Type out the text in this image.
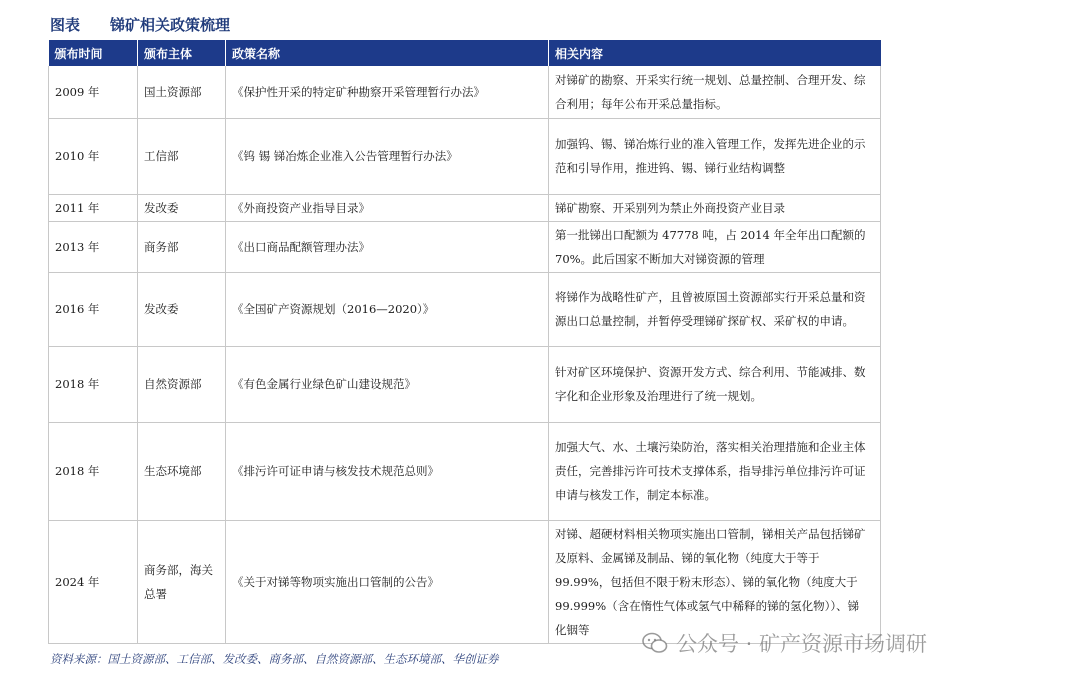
图表 锑矿相关政策梳理
颁布时间	颁布主体	政策名称	相关内容
2009 年	国土资源部	《保护性开采的特定矿种勘察开采管理暂行办法》	对锑矿的勘察、开采实行统一规划、总量控制、合理开发、综合利用；每年公布开采总量指标。
2010 年	工信部	《钨 锡 锑冶炼企业准入公告管理暂行办法》	加强钨、锡、锑冶炼行业的准入管理工作，发挥先进企业的示范和引导作用，推进钨、锡、锑行业结构调整
2011 年	发改委	《外商投资产业指导目录》	锑矿勘察、开采别列为禁止外商投资产业目录
2013 年	商务部	《出口商品配额管理办法》	第一批锑出口配额为 47778 吨，占 2014 年全年出口配额的 70%。此后国家不断加大对锑资源的管理
2016 年	发改委	《全国矿产资源规划（2016—2020）》	将锑作为战略性矿产，且曾被原国土资源部实行开采总量和资源出口总量控制，并暂停受理锑矿探矿权、采矿权的申请。
2018 年	自然资源部	《有色金属行业绿色矿山建设规范》	针对矿区环境保护、资源开发方式、综合利用、节能减排、数字化和企业形象及治理进行了统一规划。
2018 年	生态环境部	《排污许可证申请与核发技术规范总则》	加强大气、水、土壤污染防治，落实相关治理措施和企业主体责任，完善排污许可技术支撑体系，指导排污单位排污许可证申请与核发工作，制定本标准。
2024 年	商务部，海关总署	《关于对锑等物项实施出口管制的公告》	对锑、超硬材料相关物项实施出口管制，锑相关产品包括锑矿及原料、金属锑及制品、锑的氧化物（纯度大于等于 99.99%，包括但不限于粉末形态）、锑的氧化物（纯度大于 99.999%（含在惰性气体或氢气中稀释的锑的氢化物））、锑化铟等
资料来源：国土资源部、工信部、发改委、商务部、自然资源部、生态环境部、华创证券
公众号 · 矿产资源市场调研
